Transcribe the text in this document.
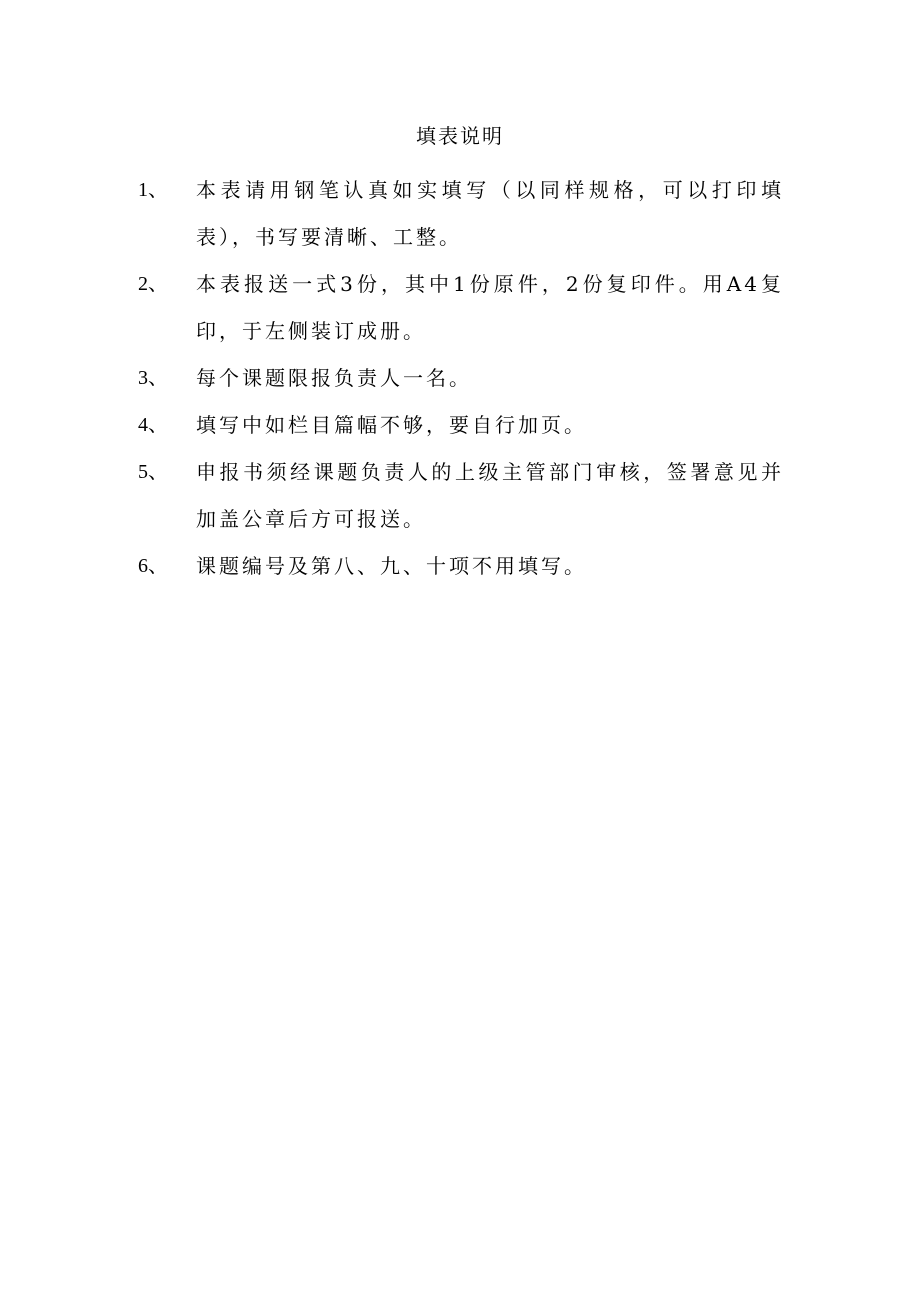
填表说明
1、	本表请用钢笔认真如实填写（以同样规格，可以打印填表），书写要清晰、工整。
2、	本表报送一式3份，其中1份原件，2份复印件。用A4复印，于左侧装订成册。
3、	每个课题限报负责人一名。
4、	填写中如栏目篇幅不够，要自行加页。
5、	申报书须经课题负责人的上级主管部门审核，签署意见并加盖公章后方可报送。
6、	课题编号及第八、九、十项不用填写。
